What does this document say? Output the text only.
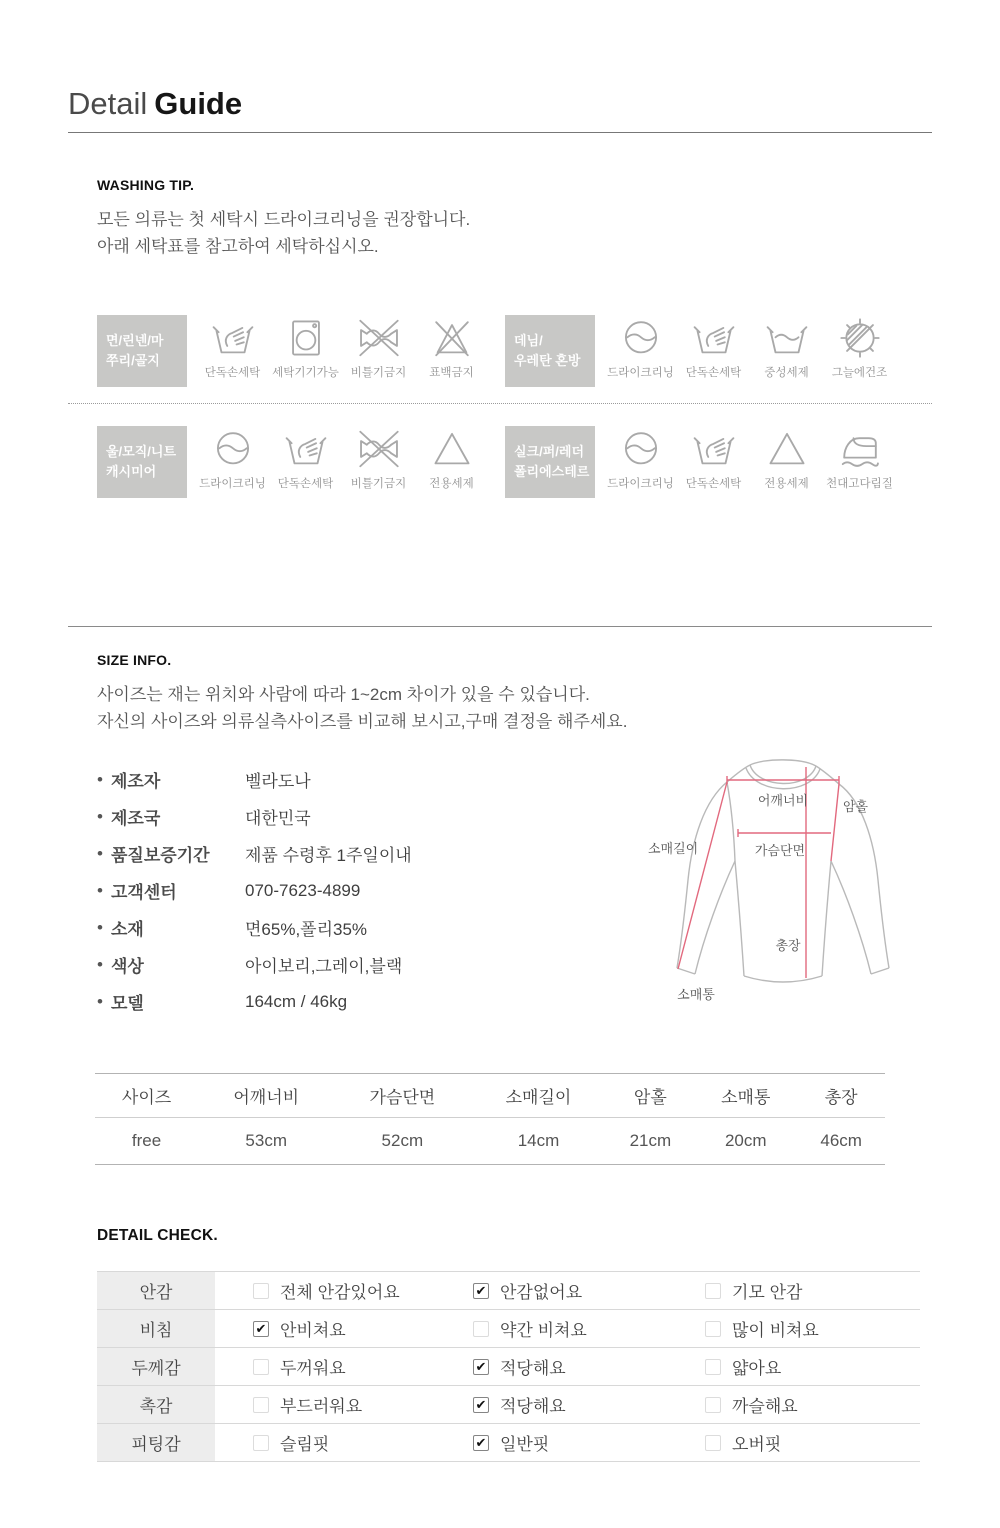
Detail Guide
WASHING TIP.
모든 의류는 첫 세탁시 드라이크리닝을 권장합니다.
아래 세탁표를 참고하여 세탁하십시오.
면/린넨/마
쭈리/골지
단독손세탁 세탁기기가능 비틀기금지 표백금지
데님/
우레탄 혼방
드라이크리닝 단독손세탁 중성세제 그늘에건조
울/모직/니트
캐시미어
드라이크리닝 단독손세탁 비틀기금지 전용세제
실크/퍼/레더
폴리에스테르
드라이크리닝 단독손세탁 전용세제 천대고다림질
SIZE INFO.
사이즈는 재는 위치와 사람에 따라 1~2cm 차이가 있을 수 있습니다.
자신의 사이즈와 의류실측사이즈를 비교해 보시고,구매 결정을 해주세요.
• 제조자	벨라도나
• 제조국	대한민국
• 품질보증기간	제품 수령후 1주일이내
• 고객센터	070-7623-4899
• 소재	면65%,폴리35%
• 색상	아이보리,그레이,블랙
• 모델	164cm / 46kg
어깨너비	암홀
가슴단면
소매길이
총장
소매통
사이즈	어깨너비	가슴단면	소매길이	암홀	소매통	총장
free	53cm	52cm	14cm	21cm	20cm	46cm
DETAIL CHECK.
안감	전체 안감있어요	✔ 안감없어요	기모 안감
비침	✔ 안비쳐요	약간 비쳐요	많이 비쳐요
두께감	두꺼워요	✔ 적당해요	얇아요
촉감	부드러워요	✔ 적당해요	까슬해요
피팅감	슬림핏	✔ 일반핏	오버핏
